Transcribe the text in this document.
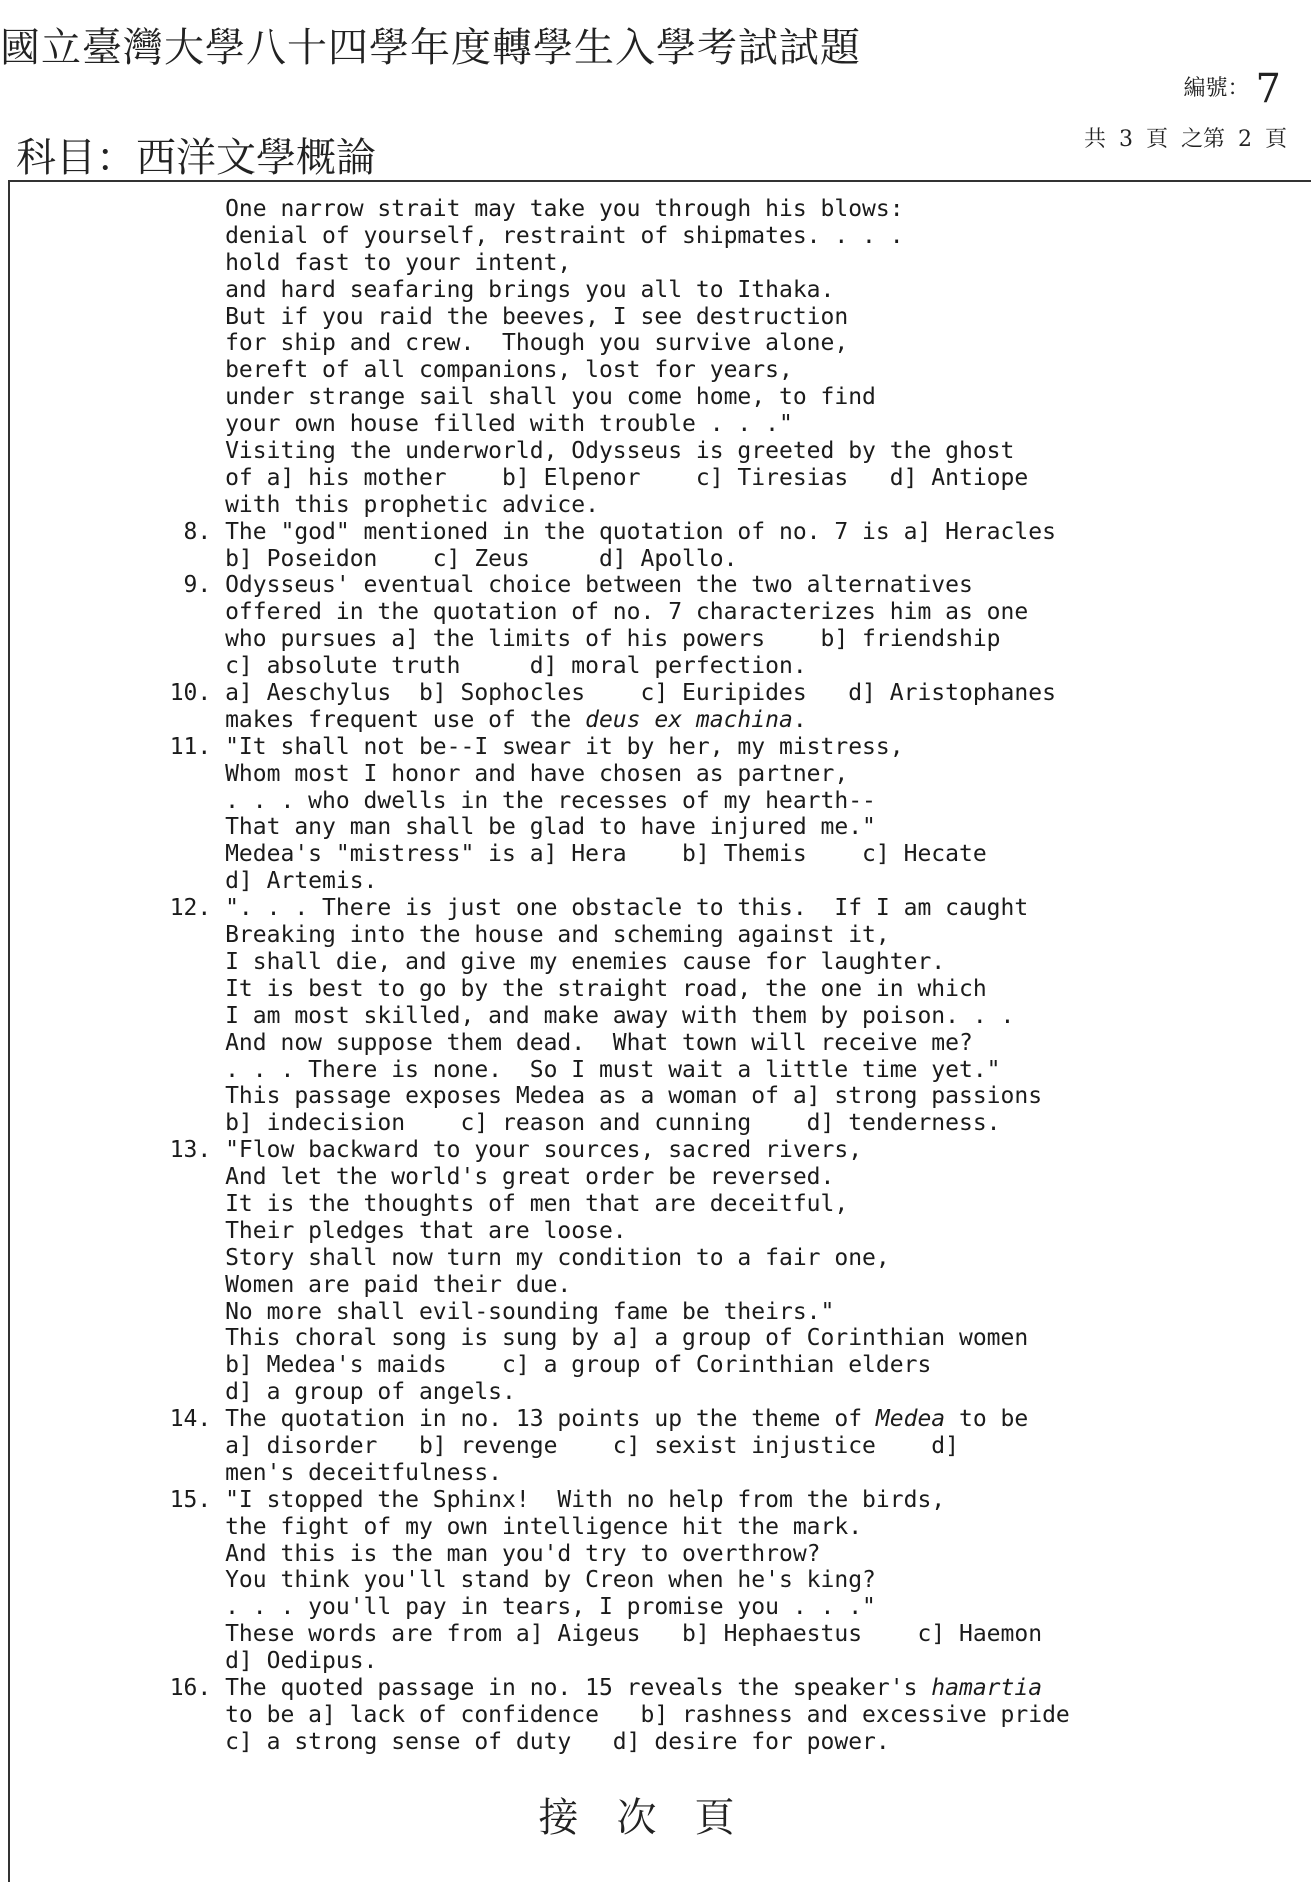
國立臺灣大學八十四學年度轉學生入學考試試題
編號： 7
科目：西洋文學概論	共 3 頁 之第 2 頁
One narrow strait may take you through his blows:
denial of yourself, restraint of shipmates. . . .
hold fast to your intent,
and hard seafaring brings you all to Ithaka.
But if you raid the beeves, I see destruction
for ship and crew.  Though you survive alone,
bereft of all companions, lost for years,
under strange sail shall you come home, to find
your own house filled with trouble . . ."
Visiting the underworld, Odysseus is greeted by the ghost
of a] his mother    b] Elpenor    c] Tiresias   d] Antiope
with this prophetic advice.
8. The "god" mentioned in the quotation of no. 7 is a] Heracles
b] Poseidon    c] Zeus     d] Apollo.
9. Odysseus' eventual choice between the two alternatives
offered in the quotation of no. 7 characterizes him as one
who pursues a] the limits of his powers    b] friendship
c] absolute truth     d] moral perfection.
10. a] Aeschylus  b] Sophocles    c] Euripides   d] Aristophanes
makes frequent use of the deus ex machina.
11. "It shall not be--I swear it by her, my mistress,
Whom most I honor and have chosen as partner,
. . . who dwells in the recesses of my hearth--
That any man shall be glad to have injured me."
Medea's "mistress" is a] Hera    b] Themis    c] Hecate
d] Artemis.
12. ". . . There is just one obstacle to this.  If I am caught
Breaking into the house and scheming against it,
I shall die, and give my enemies cause for laughter.
It is best to go by the straight road, the one in which
I am most skilled, and make away with them by poison. . .
And now suppose them dead.  What town will receive me?
. . . There is none.  So I must wait a little time yet."
This passage exposes Medea as a woman of a] strong passions
b] indecision    c] reason and cunning    d] tenderness.
13. "Flow backward to your sources, sacred rivers,
And let the world's great order be reversed.
It is the thoughts of men that are deceitful,
Their pledges that are loose.
Story shall now turn my condition to a fair one,
Women are paid their due.
No more shall evil-sounding fame be theirs."
This choral song is sung by a] a group of Corinthian women
b] Medea's maids    c] a group of Corinthian elders
d] a group of angels.
14. The quotation in no. 13 points up the theme of Medea to be
a] disorder   b] revenge    c] sexist injustice    d]
men's deceitfulness.
15. "I stopped the Sphinx!  With no help from the birds,
the fight of my own intelligence hit the mark.
And this is the man you'd try to overthrow?
You think you'll stand by Creon when he's king?
. . . you'll pay in tears, I promise you . . ."
These words are from a] Aigeus   b] Hephaestus    c] Haemon
d] Oedipus.
16. The quoted passage in no. 15 reveals the speaker's hamartia
to be a] lack of confidence   b] rashness and excessive pride
c] a strong sense of duty   d] desire for power.
接次頁
